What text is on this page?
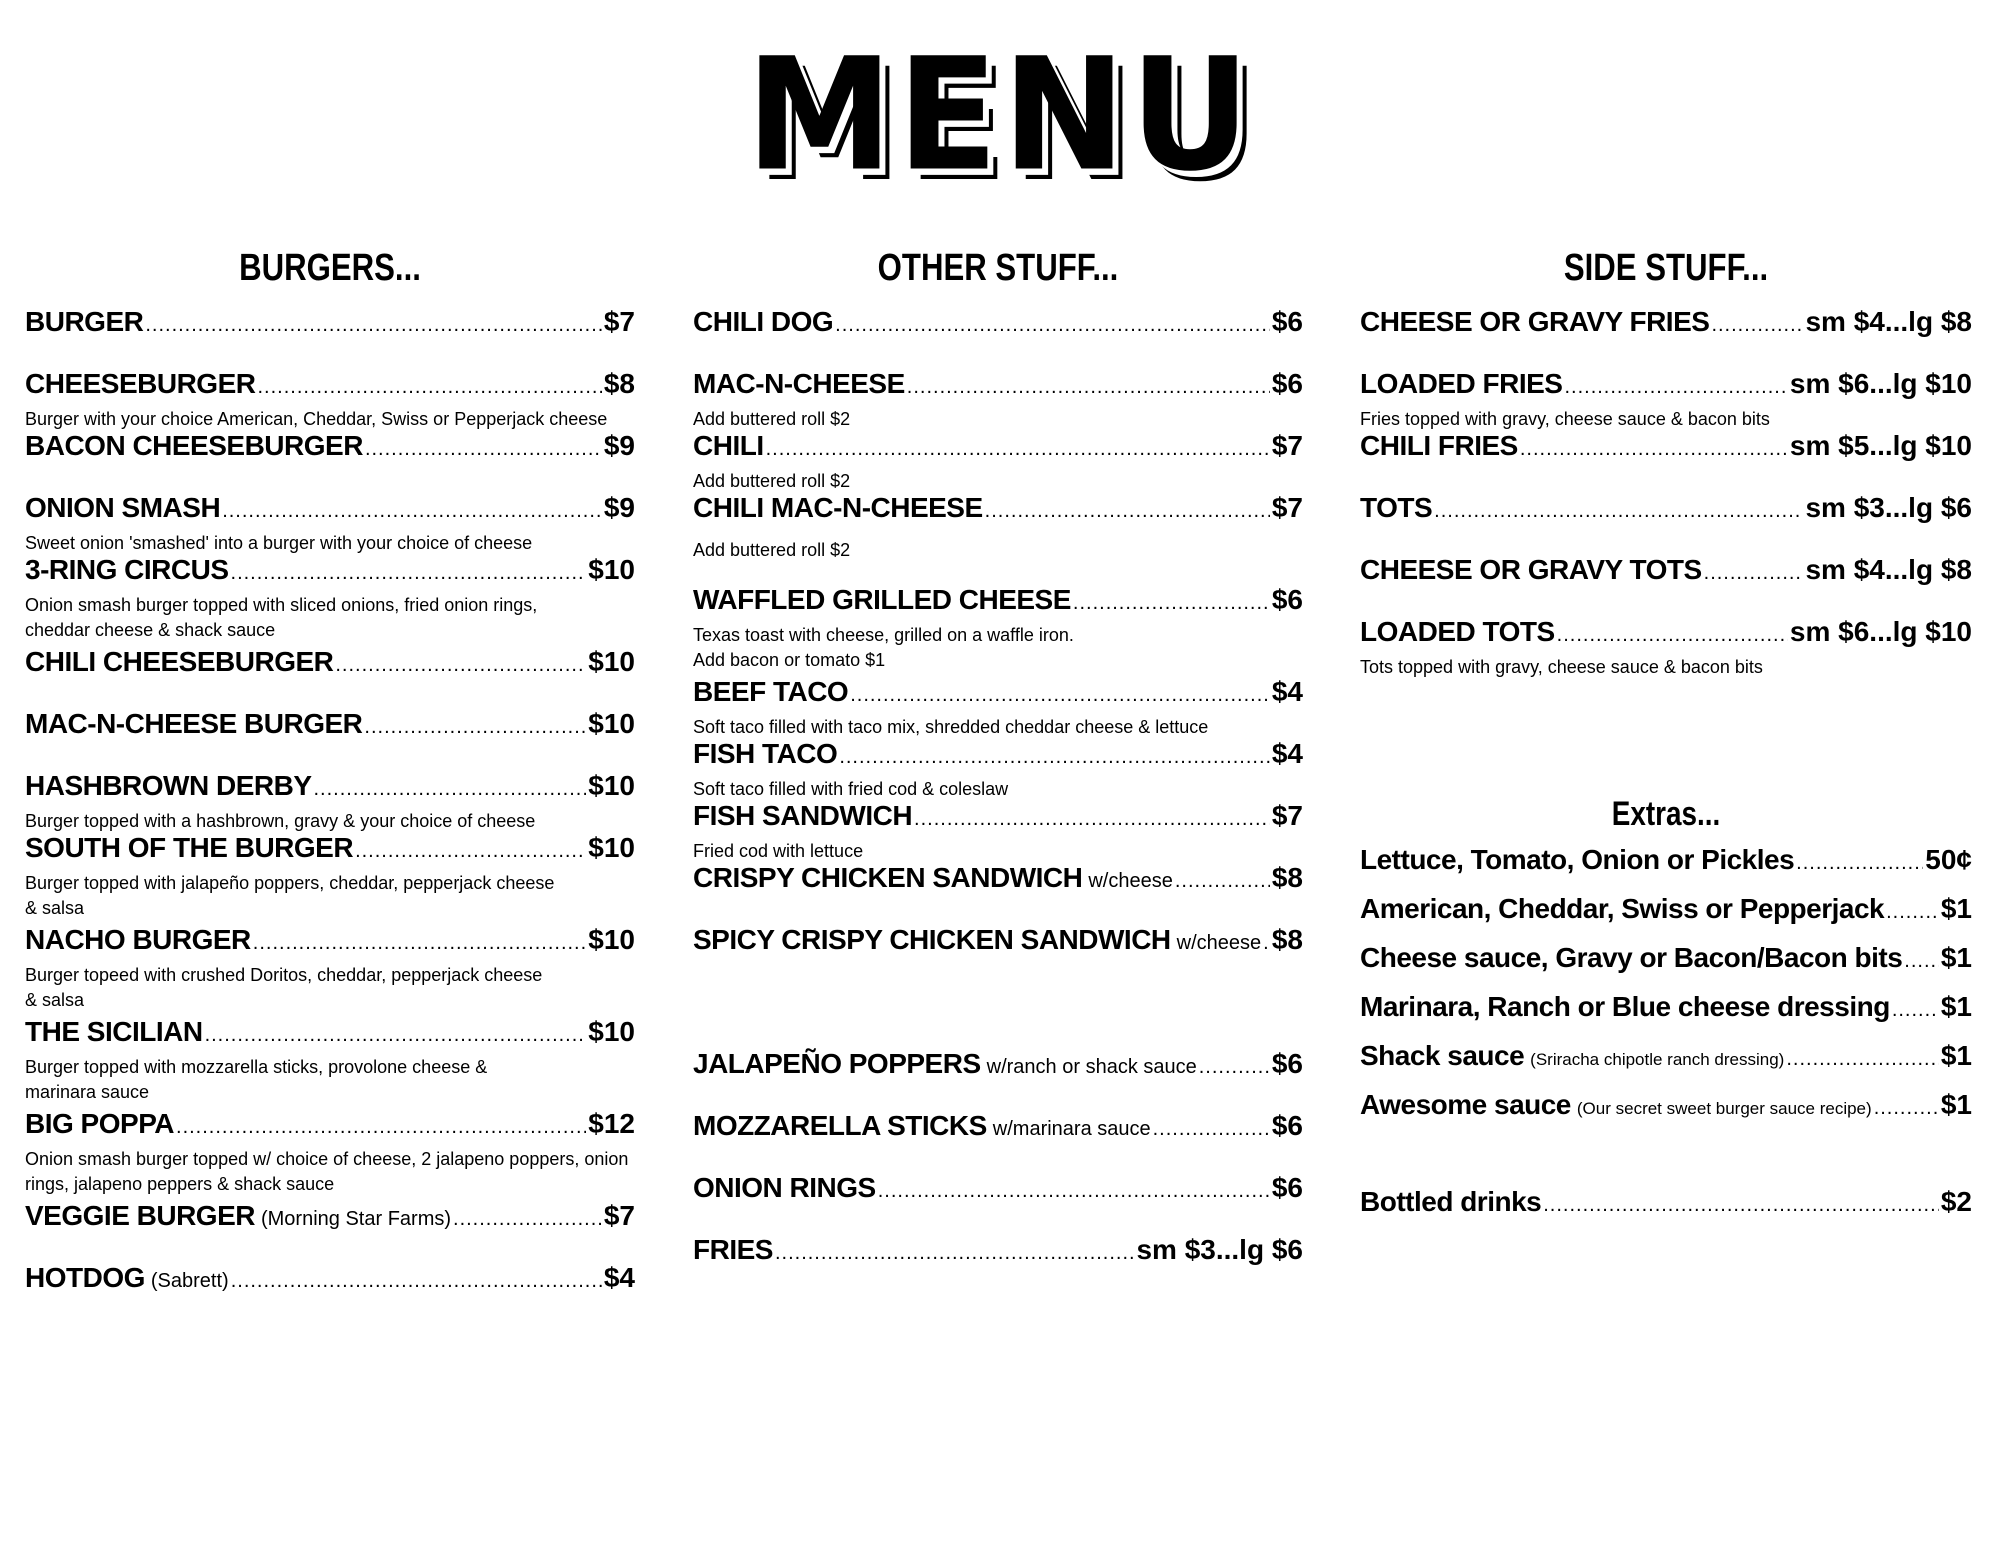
MENU
BURGERS...
BURGER .....	$7
CHEESEBURGER .....	$8
Burger with your choice American, Cheddar, Swiss or Pepperjack cheese
BACON CHEESEBURGER .....	$9
ONION SMASH .....	$9
Sweet onion 'smashed' into a burger with your choice of cheese
3-RING CIRCUS .....	$10
Onion smash burger topped with sliced onions, fried onion rings,
cheddar cheese & shack sauce
CHILI CHEESEBURGER .....	$10
MAC-N-CHEESE BURGER .....	$10
HASHBROWN DERBY .....	$10
Burger topped with a hashbrown, gravy & your choice of cheese
SOUTH OF THE BURGER .....	$10
Burger topped with jalapeño poppers, cheddar, pepperjack cheese
& salsa
NACHO BURGER .....	$10
Burger topeed with crushed Doritos, cheddar, pepperjack cheese
& salsa
THE SICILIAN .....	$10
Burger topped with mozzarella sticks, provolone cheese &
marinara sauce
BIG POPPA .....	$12
Onion smash burger topped w/ choice of cheese, 2 jalapeno poppers, onion
rings, jalapeno peppers & shack sauce
VEGGIE BURGER (Morning Star Farms) .....	$7
HOTDOG (Sabrett) .....	$4
OTHER STUFF...
CHILI DOG .....	$6
MAC-N-CHEESE .....	$6
Add buttered roll $2
CHILI .....	$7
Add buttered roll $2
CHILI MAC-N-CHEESE .....	$7
Add buttered roll $2
WAFFLED GRILLED CHEESE .....	$6
Texas toast with cheese, grilled on a waffle iron.
Add bacon or tomato $1
BEEF TACO .....	$4
Soft taco filled with taco mix, shredded cheddar cheese & lettuce
FISH TACO .....	$4
Soft taco filled with fried cod & coleslaw
FISH SANDWICH .....	$7
Fried cod with lettuce
CRISPY CHICKEN SANDWICH w/cheese .....	$8
SPICY CRISPY CHICKEN SANDWICH w/cheese ..... $8
JALAPEÑO POPPERS w/ranch or shack sauce .....	$6
MOZZARELLA STICKS w/marinara sauce .....	$6
ONION RINGS .....	$6
FRIES .....	sm $3...lg $6
SIDE STUFF...
CHEESE OR GRAVY FRIES .....	sm $4...lg $8
LOADED FRIES .....	sm $6...lg $10
Fries topped with gravy, cheese sauce & bacon bits
CHILI FRIES .....	sm $5...lg $10
TOTS .....	sm $3...lg $6
CHEESE OR GRAVY TOTS .....	sm $4...lg $8
LOADED TOTS .....	sm $6...lg $10
Tots topped with gravy, cheese sauce & bacon bits
Extras...
Lettuce, Tomato, Onion or Pickles .....	50¢
American, Cheddar, Swiss or Pepperjack ..... $1
Cheese sauce, Gravy or Bacon/Bacon bits ..... $1
Marinara, Ranch or Blue cheese dressing ..... $1
Shack sauce (Sriracha chipotle ranch dressing) .....	$1
Awesome sauce (Our secret sweet burger sauce recipe) ..... $1
Bottled drinks .....	$2
